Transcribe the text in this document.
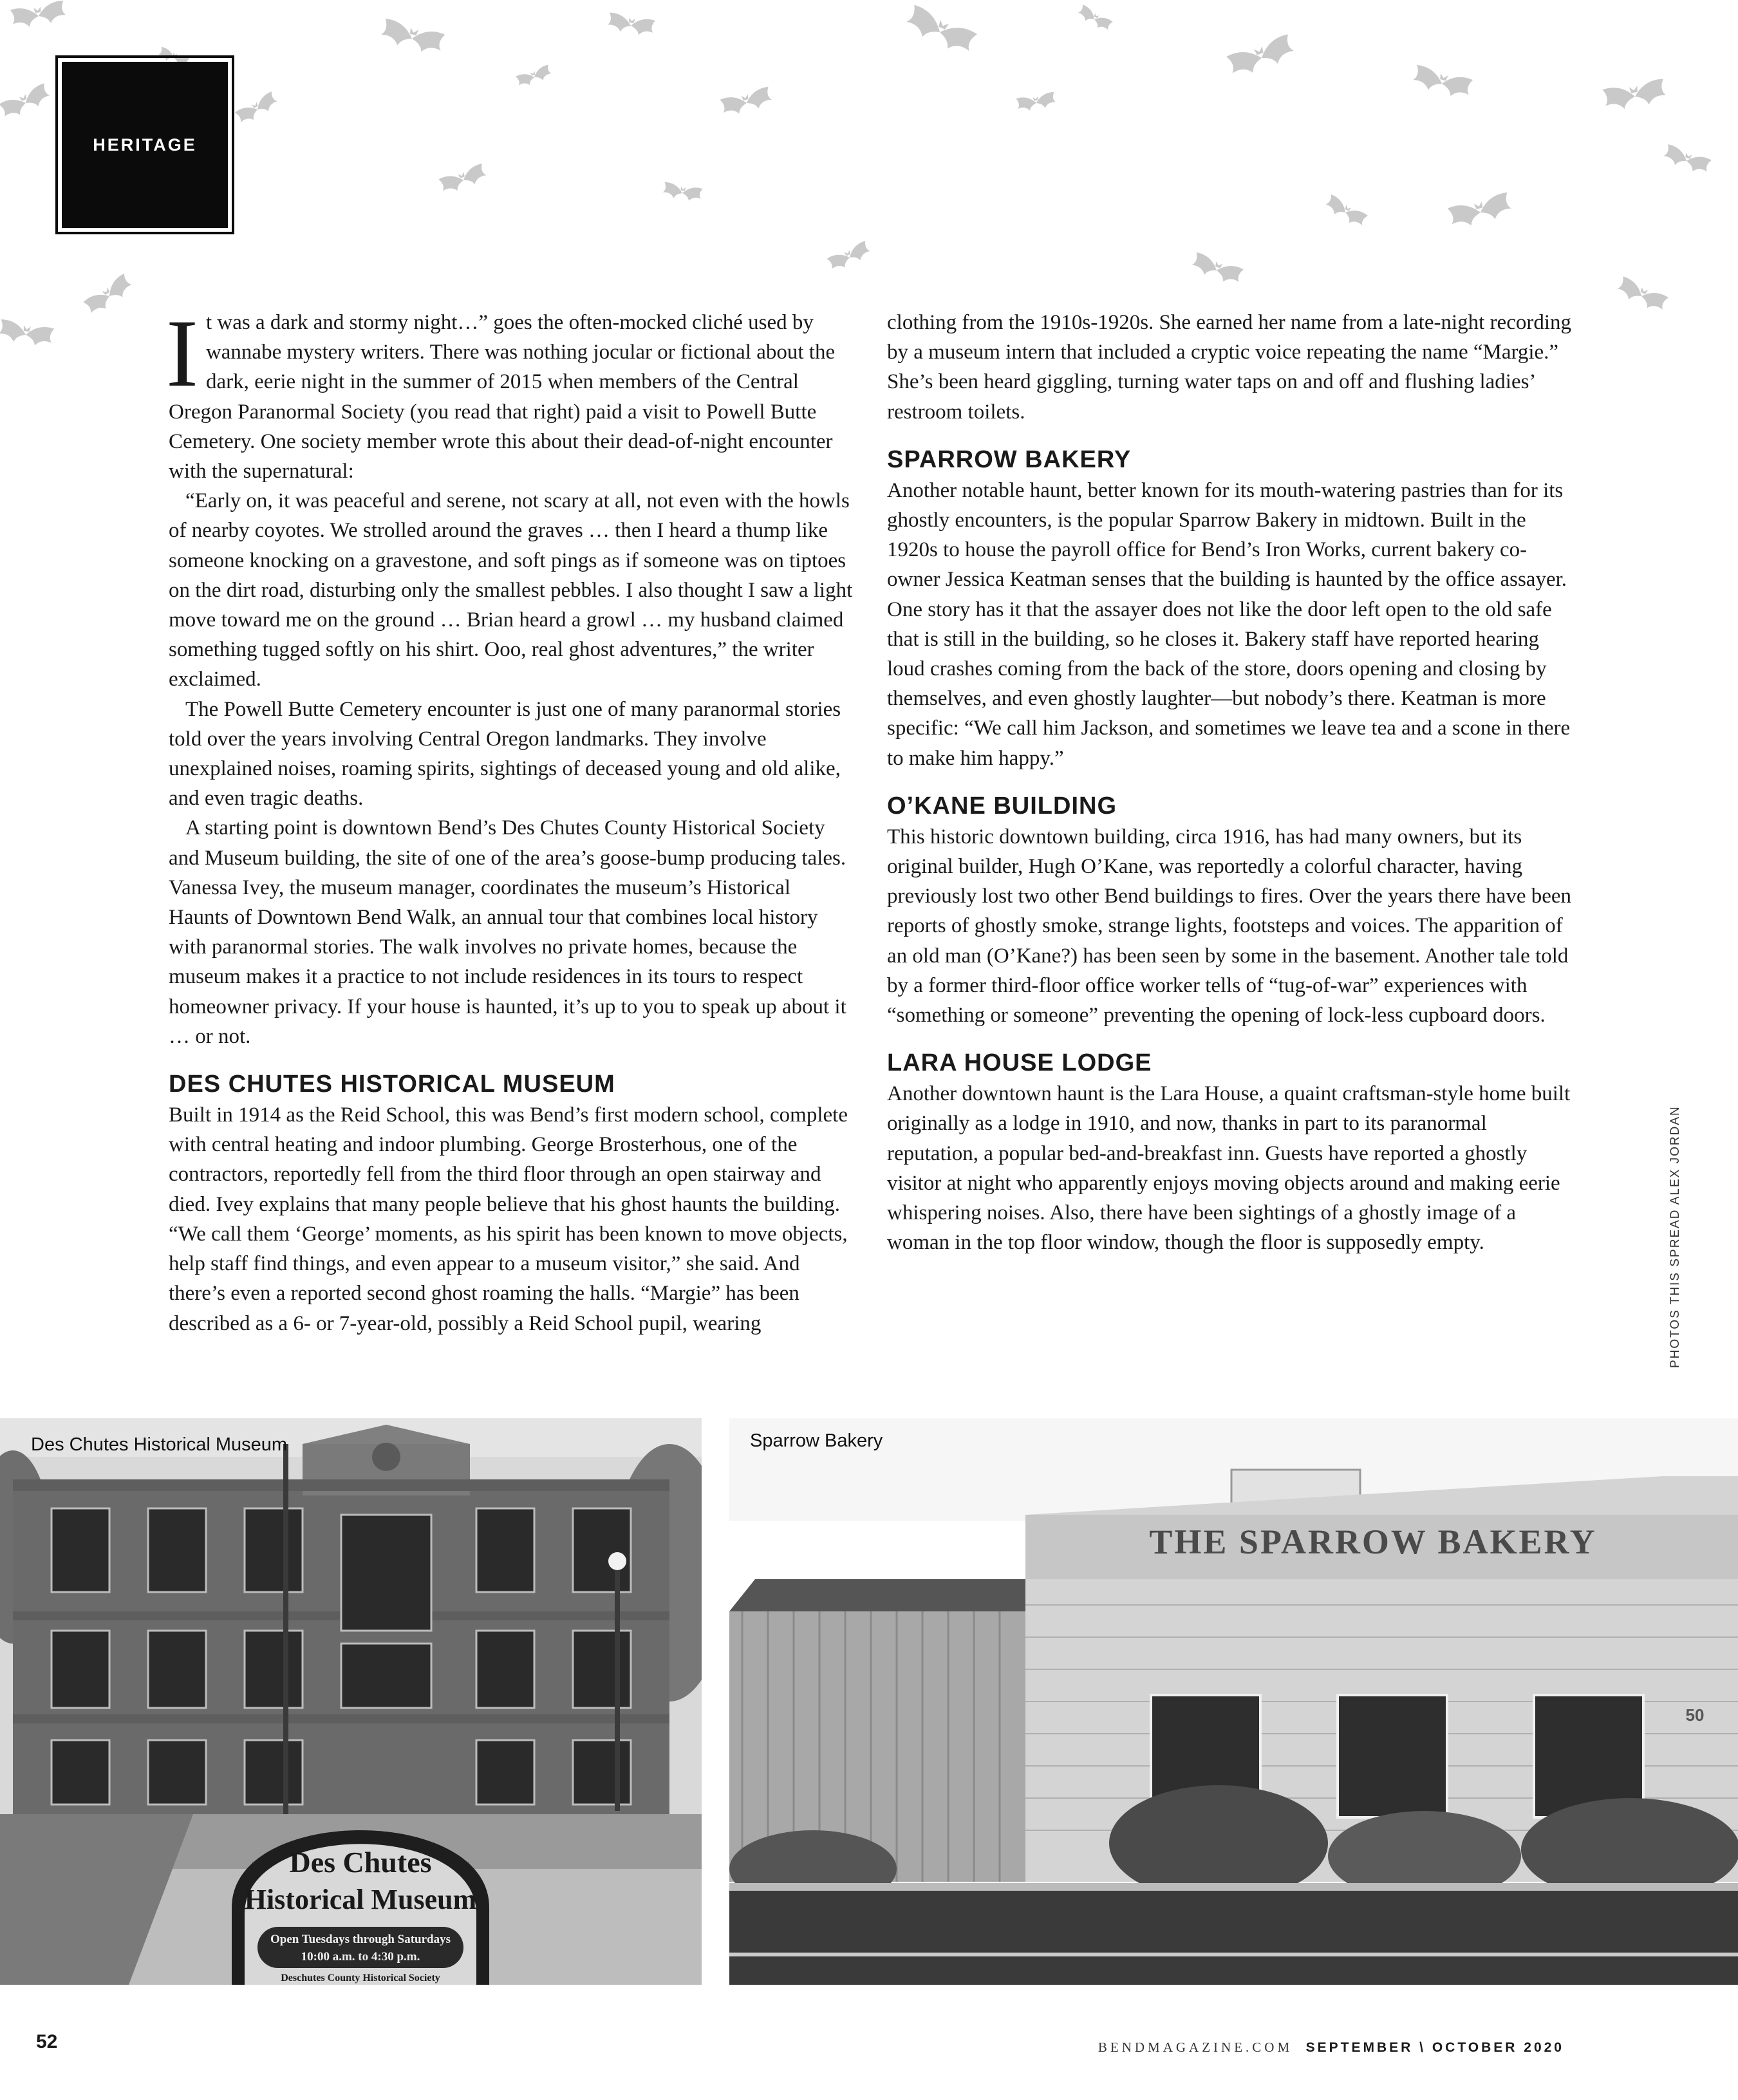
HERITAGE

It was a dark and stormy night…” goes the often-mocked cliché used by wannabe mystery writers. There was nothing jocular or fictional about the dark, eerie night in the summer of 2015 when members of the Central Oregon Paranormal Society (you read that right) paid a visit to Powell Butte Cemetery. One society member wrote this about their dead-of-night encounter with the supernatural:

“Early on, it was peaceful and serene, not scary at all, not even with the howls of nearby coyotes. We strolled around the graves … then I heard a thump like someone knocking on a gravestone, and soft pings as if someone was on tiptoes on the dirt road, disturbing only the smallest pebbles. I also thought I saw a light move toward me on the ground … Brian heard a growl … my husband claimed something tugged softly on his shirt. Ooo, real ghost adventures,” the writer exclaimed.

The Powell Butte Cemetery encounter is just one of many paranormal stories told over the years involving Central Oregon landmarks. They involve unexplained noises, roaming spirits, sightings of deceased young and old alike, and even tragic deaths.

A starting point is downtown Bend’s Des Chutes County Historical Society and Museum building, the site of one of the area’s goose-bump producing tales. Vanessa Ivey, the museum manager, coordinates the museum’s Historical Haunts of Downtown Bend Walk, an annual tour that combines local history with paranormal stories. The walk involves no private homes, because the museum makes it a practice to not include residences in its tours to respect homeowner privacy. If your house is haunted, it’s up to you to speak up about it … or not.

DES CHUTES HISTORICAL MUSEUM

Built in 1914 as the Reid School, this was Bend’s first modern school, complete with central heating and indoor plumbing. George Brosterhous, one of the contractors, reportedly fell from the third floor through an open stairway and died. Ivey explains that many people believe that his ghost haunts the building. “We call them ‘George’ moments, as his spirit has been known to move objects, help staff find things, and even appear to a museum visitor,” she said. And there’s even a reported second ghost roaming the halls. “Margie” has been described as a 6- or 7-year-old, possibly a Reid School pupil, wearing

clothing from the 1910s-1920s. She earned her name from a late-night recording by a museum intern that included a cryptic voice repeating the name “Margie.” She’s been heard giggling, turning water taps on and off and flushing ladies’ restroom toilets.

SPARROW BAKERY

Another notable haunt, better known for its mouth-watering pastries than for its ghostly encounters, is the popular Sparrow Bakery in midtown. Built in the 1920s to house the payroll office for Bend’s Iron Works, current bakery co-owner Jessica Keatman senses that the building is haunted by the office assayer. One story has it that the assayer does not like the door left open to the old safe that is still in the building, so he closes it. Bakery staff have reported hearing loud crashes coming from the back of the store, doors opening and closing by themselves, and even ghostly laughter—but nobody’s there. Keatman is more specific: “We call him Jackson, and sometimes we leave tea and a scone in there to make him happy.”

O’KANE BUILDING

This historic downtown building, circa 1916, has had many owners, but its original builder, Hugh O’Kane, was reportedly a colorful character, having previously lost two other Bend buildings to fires. Over the years there have been reports of ghostly smoke, strange lights, footsteps and voices. The apparition of an old man (O’Kane?) has been seen by some in the basement. Another tale told by a former third-floor office worker tells of “tug-of-war” experiences with “something or someone” preventing the opening of lock-less cupboard doors.

LARA HOUSE LODGE

Another downtown haunt is the Lara House, a quaint craftsman-style home built originally as a lodge in 1910, and now, thanks in part to its paranormal reputation, a popular bed-and-breakfast inn. Guests have reported a ghostly visitor at night who apparently enjoys moving objects around and making eerie whispering noises. Also, there have been sightings of a ghostly image of a woman in the top floor window, though the floor is supposedly empty.	PHOTOS THIS SPREAD ALEX JORDAN
Des Chutes
Historical Museum
Open Tuesdays through Saturdays
10:00 a.m. to 4:30 p.m.
Deschutes County Historical Society
Des Chutes Historical Museum
THE SPARROW BAKERY
50
Sparrow Bakery
52	BENDMAGAZINE.COM SEPTEMBER \ OCTOBER 2020
